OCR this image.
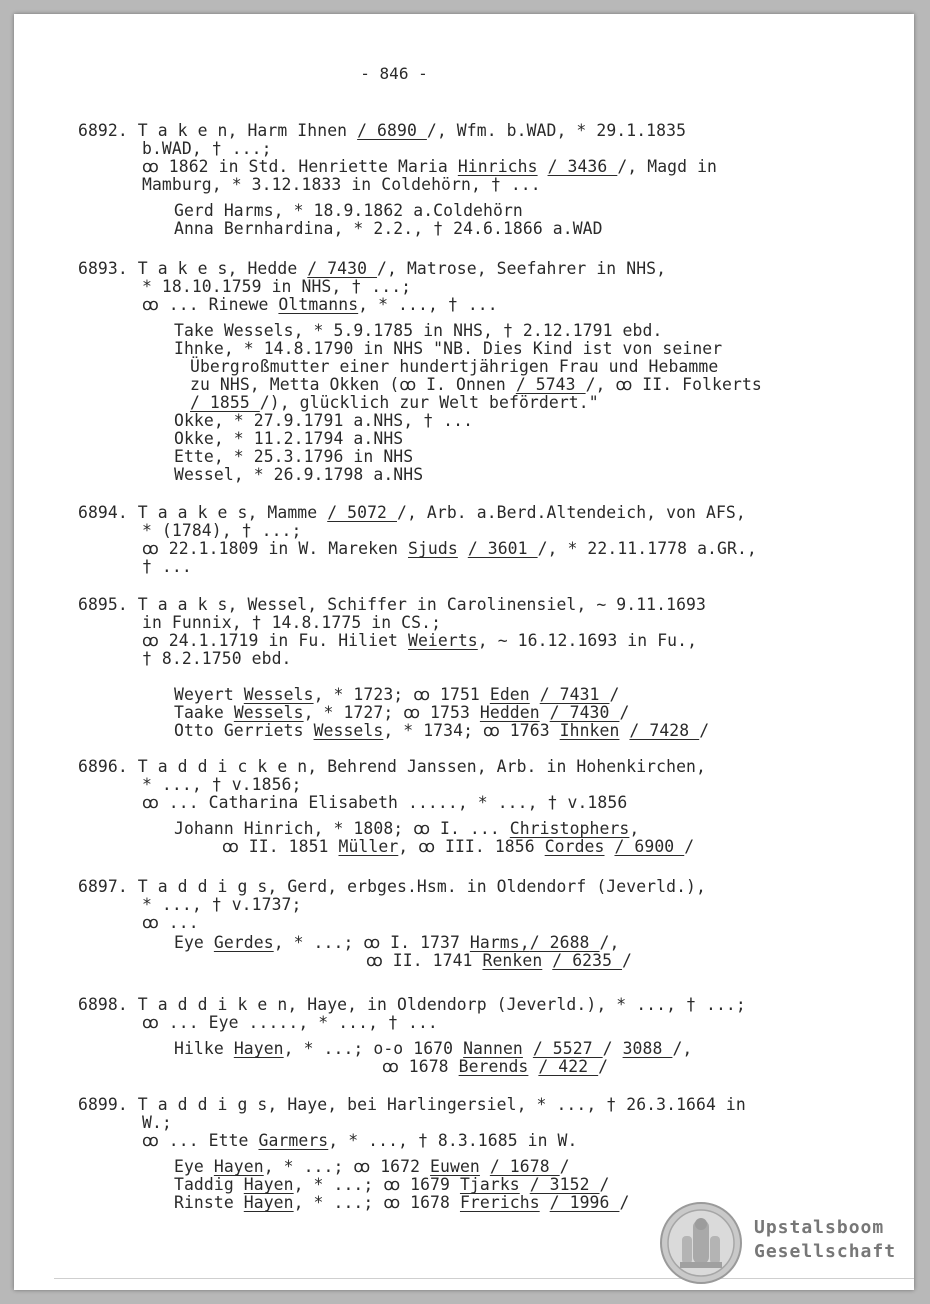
- 846 -
6892. T a k e n, Harm Ihnen / 6890 /, Wfm. b.WAD, * 29.1.1835
b.WAD, † ...;
ꝏ 1862 in Std. Henriette Maria Hinrichs / 3436 /, Magd in
Mamburg, * 3.12.1833 in Coldehörn, † ...
Gerd Harms, * 18.9.1862 a.Coldehörn
Anna Bernhardina, * 2.2., † 24.6.1866 a.WAD
6893. T a k e s, Hedde / 7430 /, Matrose, Seefahrer in NHS,
* 18.10.1759 in NHS, † ...;
ꝏ ... Rinewe Oltmanns, * ..., † ...
Take Wessels, * 5.9.1785 in NHS, † 2.12.1791 ebd.
Ihnke, * 14.8.1790 in NHS "NB. Dies Kind ist von seiner
Übergroßmutter einer hundertjährigen Frau und Hebamme
zu NHS, Metta Okken (ꝏ I. Onnen / 5743 /, ꝏ II. Folkerts
/ 1855 /), glücklich zur Welt befördert."
Okke, * 27.9.1791 a.NHS, † ...
Okke, * 11.2.1794 a.NHS
Ette, * 25.3.1796 in NHS
Wessel, * 26.9.1798 a.NHS
6894. T a a k e s, Mamme / 5072 /, Arb. a.Berd.Altendeich, von AFS,
* (1784), † ...;
ꝏ 22.1.1809 in W. Mareken Sjuds / 3601 /, * 22.11.1778 a.GR.,
† ...
6895. T a a k s, Wessel, Schiffer in Carolinensiel, ~ 9.11.1693
in Funnix, † 14.8.1775 in CS.;
ꝏ 24.1.1719 in Fu. Hiliet Weierts, ~ 16.12.1693 in Fu.,
† 8.2.1750 ebd.
Weyert Wessels, * 1723; ꝏ 1751 Eden / 7431 /
Taake Wessels, * 1727; ꝏ 1753 Hedden / 7430 /
Otto Gerriets Wessels, * 1734; ꝏ 1763 Ihnken / 7428 /
6896. T a d d i c k e n, Behrend Janssen, Arb. in Hohenkirchen,
* ..., † v.1856;
ꝏ ... Catharina Elisabeth ....., * ..., † v.1856
Johann Hinrich, * 1808; ꝏ I. ... Christophers,
ꝏ II. 1851 Müller, ꝏ III. 1856 Cordes / 6900 /
6897. T a d d i g s, Gerd, erbges.Hsm. in Oldendorf (Jeverld.),
* ..., † v.1737;
ꝏ ...
Eye Gerdes, * ...; ꝏ I. 1737 Harms,/ 2688 /,
ꝏ II. 1741 Renken / 6235 /
6898. T a d d i k e n, Haye, in Oldendorp (Jeverld.), * ..., † ...;
ꝏ ... Eye ....., * ..., † ...
Hilke Hayen, * ...; o-o 1670 Nannen / 5527 / 3088 /,
ꝏ 1678 Berends / 422 /
6899. T a d d i g s, Haye, bei Harlingersiel, * ..., † 26.3.1664 in
W.;
ꝏ ... Ette Garmers, * ..., † 8.3.1685 in W.
Eye Hayen, * ...; ꝏ 1672 Euwen / 1678 /
Taddig Hayen, * ...; ꝏ 1679 Tjarks / 3152 /
Rinste Hayen, * ...; ꝏ 1678 Frerichs / 1996 /
Upstalsboom
Gesellschaft
